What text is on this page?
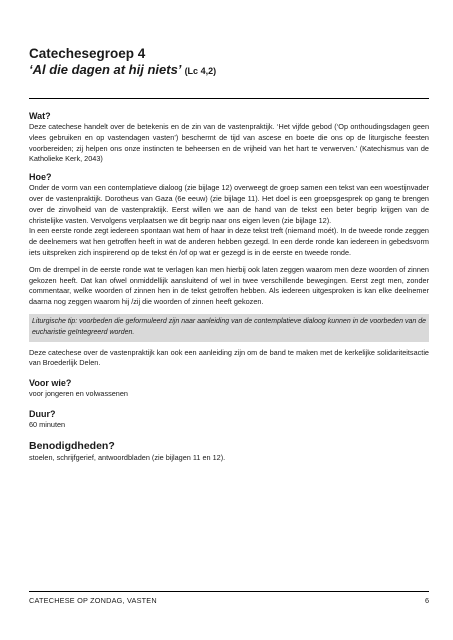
Catechesegroep 4

‘Al die dagen at hij niets’ (Lc 4,2)

Wat?

Deze catechese handelt over de betekenis en de zin van de vastenpraktijk. ‘Het vijfde gebod (‘Op onthoudingsdagen geen vlees gebruiken en op vastendagen vasten’) beschermt de tijd van ascese en boete die ons op de liturgische feesten voorbereiden; zij helpen ons onze instincten te beheersen en de vrijheid van het hart te verwerven.’ (Katechismus van de Katholieke Kerk, 2043)

Hoe?

Onder de vorm van een contemplatieve dialoog (zie bijlage 12) overweegt de groep samen een tekst van een woestijnvader over de vastenpraktijk. Dorotheus van Gaza (6e eeuw) (zie bijlage 11). Het doel is een groepsgesprek op gang te brengen over de zinvolheid van de vastenpraktijk. Eerst willen we aan de hand van de tekst een beter begrip krijgen van de christelijke vasten. Vervolgens verplaatsen we dit begrip naar ons eigen leven (zie bijlage 12).

In een eerste ronde zegt iedereen spontaan wat hem of haar in deze tekst treft (niemand moét). In de tweede ronde zeggen de deelnemers wat hen getroffen heeft in wat de anderen hebben gezegd. In een derde ronde kan iedereen in gebedsvorm iets uitspreken zich inspirerend op de tekst én /of op wat er gezegd is in de eerste en tweede ronde.

Om de drempel in de eerste ronde wat te verlagen kan men hierbij ook laten zeggen waarom men deze woorden of zinnen gekozen heeft. Dat kan ofwel onmiddellijk aansluitend of wel in twee verschillende bewegingen. Eerst zegt men, zonder commentaar, welke woorden of zinnen hen in de tekst getroffen hebben. Als iedereen uitgesproken is kan elke deelnemer daarna nog zeggen waarom hij /zij die woorden of zinnen heeft gekozen.

Liturgische tip: voorbeden die geformuleerd zijn naar aanleiding van de contemplatieve dialoog kunnen in de voorbeden van de eucharistie geïntegreerd worden.

Deze catechese over de vastenpraktijk kan ook een aanleiding zijn om de band te maken met de kerkelijke solidariteitsactie van Broederlijk Delen.

Voor wie?

voor jongeren en volwassenen

Duur?

60 minuten

Benodigdheden?

stoelen, schrijfgerief, antwoordbladen (zie bijlagen 11 en 12).

CATECHESE OP ZONDAG, VASTEN	6
